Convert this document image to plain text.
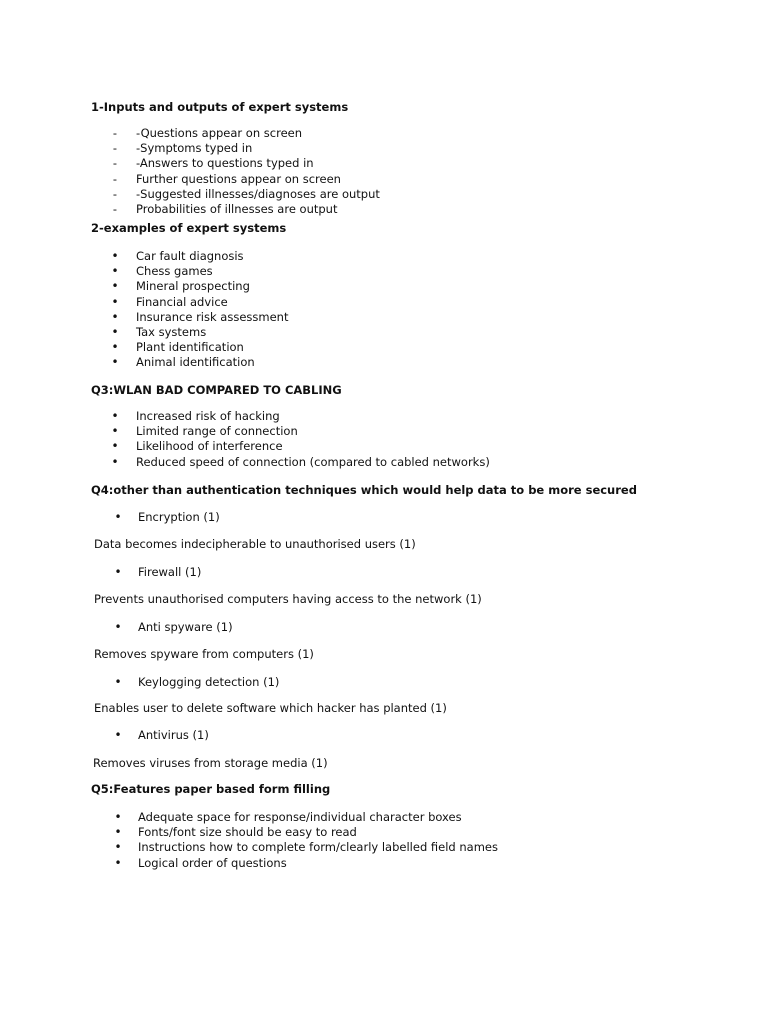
1-Inputs and outputs of expert systems
- -Questions appear on screen
- -Symptoms typed in
- -Answers to questions typed in
- Further questions appear on screen
- -Suggested illnesses/diagnoses are output
- Probabilities of illnesses are output
2-examples of expert systems
• Car fault diagnosis
• Chess games
• Mineral prospecting
• Financial advice
• Insurance risk assessment
• Tax systems
• Plant identification
• Animal identification
Q3:WLAN BAD COMPARED TO CABLING
• Increased risk of hacking
• Limited range of connection
• Likelihood of interference
• Reduced speed of connection (compared to cabled networks)
Q4:other than authentication techniques which would help data to be more secured
• Encryption (1)

Data becomes indecipherable to unauthorised users (1)

• Firewall (1)

Prevents unauthorised computers having access to the network (1)

• Anti spyware (1)

Removes spyware from computers (1)

• Keylogging detection (1)

Enables user to delete software which hacker has planted (1)

• Antivirus (1)

Removes viruses from storage media (1)

Q5:Features paper based form filling
• Adequate space for response/individual character boxes
• Fonts/font size should be easy to read
• Instructions how to complete form/clearly labelled field names
• Logical order of questions
